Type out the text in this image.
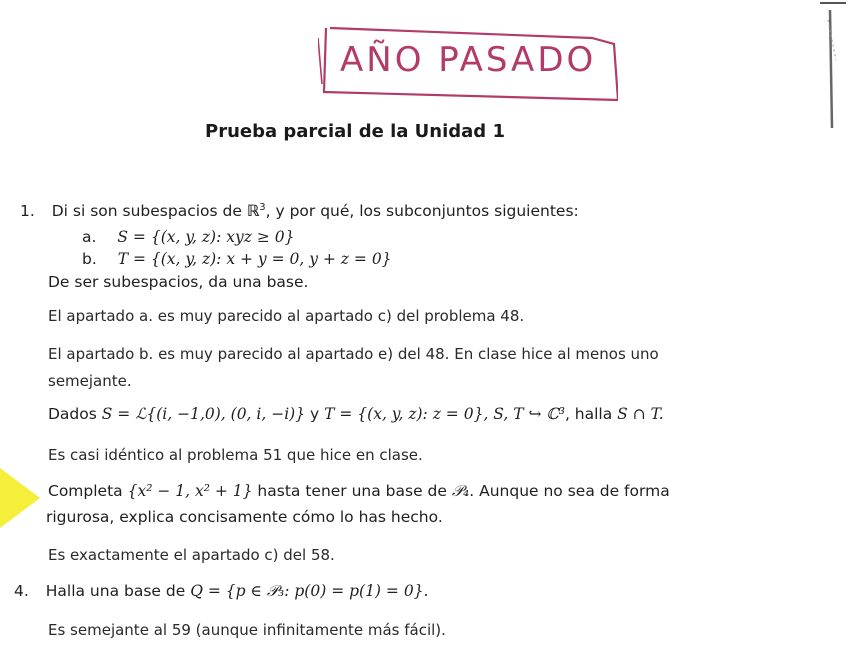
AÑO PASADO
Prueba parcial de la Unidad 1
1. Di si son subespacios de ℝ$^3$, y por qué, los subconjuntos siguientes:
a. S = {(x, y, z): xyz ≥ 0}
b. T = {(x, y, z): x + y = 0, y + z = 0}
De ser subespacios, da una base.
El apartado a. es muy parecido al apartado c) del problema 48.
El apartado b. es muy parecido al apartado e) del 48. En clase hice al menos uno
semejante.
Dados S = ℒ{(i, −1,0), (0, i, −i)} y T = {(x, y, z): z = 0}, S, T ↪ ℂ³, halla S ∩ T.
Es casi idéntico al problema 51 que hice en clase.
Completa {x² − 1, x² + 1} hasta tener una base de 𝒫₄. Aunque no sea de forma
rigurosa, explica concisamente cómo lo has hecho.
Es exactamente el apartado c) del 58.
4. Halla una base de Q = {p ∈ 𝒫₃: p(0) = p(1) = 0}.
Es semejante al 59 (aunque infinitamente más fácil).
